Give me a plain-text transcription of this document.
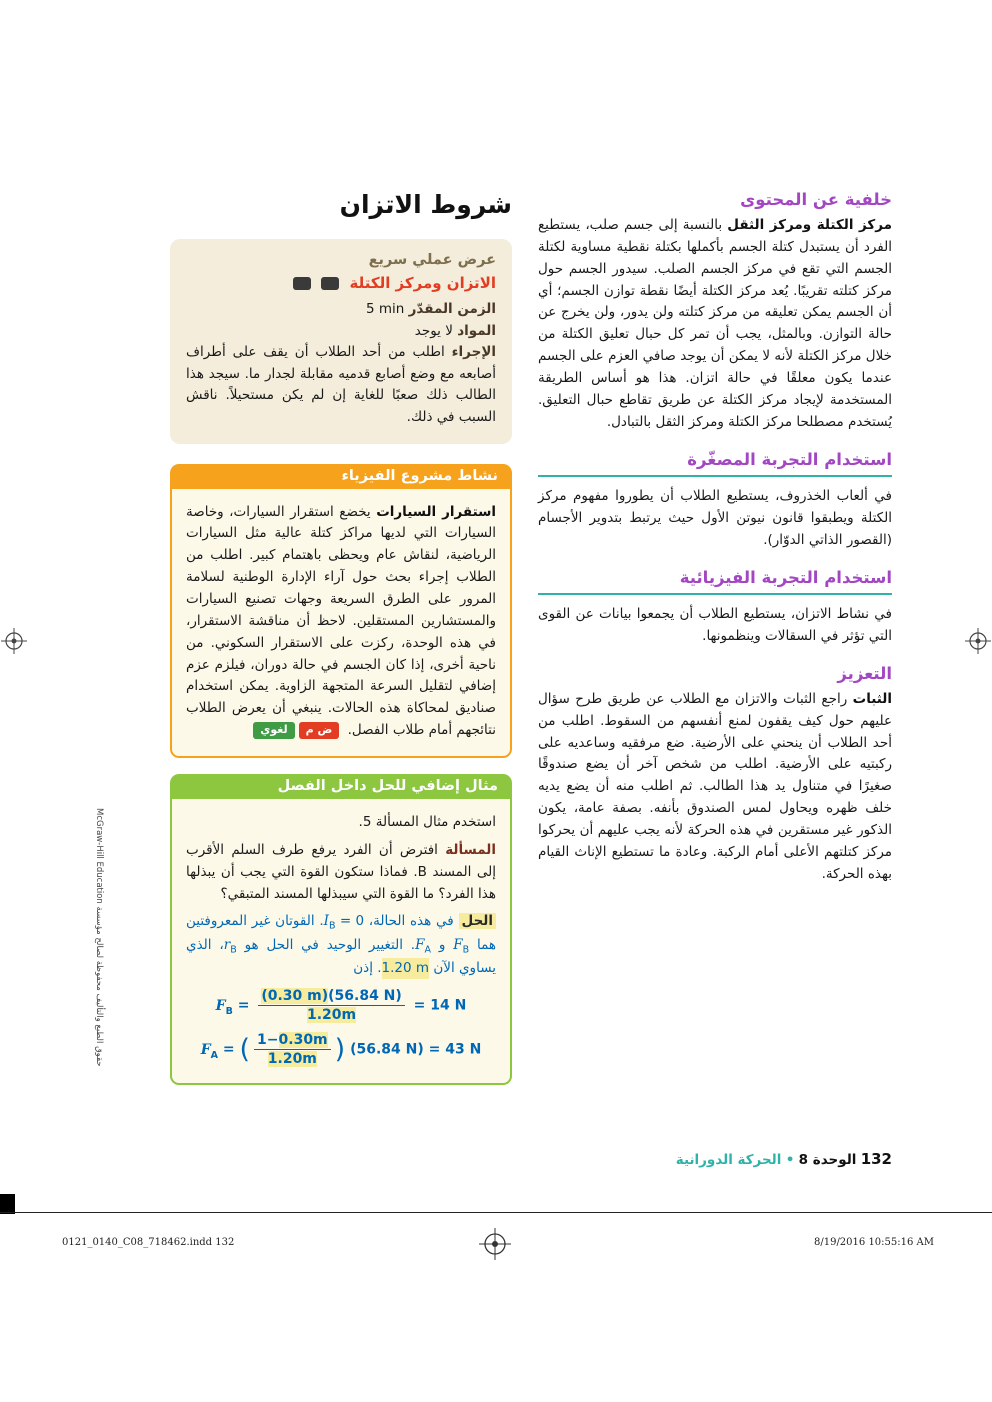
خلفية عن المحتوى

مركز الكتلة ومركز الثقل بالنسبة إلى جسم صلب، يستطيع الفرد أن يستبدل كتلة الجسم بأكملها بكتلة نقطية مساوية لكتلة الجسم التي تقع في مركز الجسم الصلب. سيدور الجسم حول مركز كتلته تقريبًا. يُعد مركز الكتلة أيضًا نقطة توازن الجسم؛ أي أن الجسم يمكن تعليقه من مركز كتلته ولن يدور، ولن يخرج عن حالة التوازن. وبالمثل، يجب أن تمر كل حبال تعليق الكتلة من خلال مركز الكتلة لأنه لا يمكن أن يوجد صافي العزم على الجسم عندما يكون معلقًا في حالة اتزان. هذا هو أساس الطريقة المستخدمة لإيجاد مركز الكتلة عن طريق تقاطع حبال التعليق. يُستخدم مصطلحا مركز الكتلة ومركز الثقل بالتبادل.

استخدام التجربة المصغّرة

في ألعاب الخذروف، يستطيع الطلاب أن يطوروا مفهوم مركز الكتلة ويطبقوا قانون نيوتن الأول حيث يرتبط بتدوير الأجسام (القصور الذاتي الدوّار).

استخدام التجربة الفيزيائية

في نشاط الاتزان، يستطيع الطلاب أن يجمعوا بيانات عن القوى التي تؤثر في السقالات وينظمونها.

التعزيز

الثبات راجع الثبات والاتزان مع الطلاب عن طريق طرح سؤال عليهم حول كيف يقفون لمنع أنفسهم من السقوط. اطلب من أحد الطلاب أن ينحني على الأرضية. ضع مرفقيه وساعديه على ركبتيه على الأرضية. اطلب من شخص آخر أن يضع صندوقًا صغيرًا في متناول يد هذا الطالب. ثم اطلب منه أن يضع يديه خلف ظهره ويحاول لمس الصندوق بأنفه. بصفة عامة، يكون الذكور غير مستقرين في هذه الحركة لأنه يجب عليهم أن يحركوا مركز كتلتهم الأعلى أمام الركبة. وعادة ما تستطيع الإناث القيام بهذه الحركة.

شروط الاتزان
عرض عملي سريع
الاتزان ومركز الكتلة
الزمن المقدّر 5 min
المواد لا يوجد
الإجراء اطلب من أحد الطلاب أن يقف على أطراف أصابعه مع وضع أصابع قدميه مقابلة لجدار ما. سيجد هذا الطالب ذلك صعبًا للغاية إن لم يكن مستحيلاً. ناقش السبب في ذلك.
نشاط مشروع الفيزياء

استقرار السيارات يخضع استقرار السيارات، وخاصة السيارات التي لديها مراكز كتلة عالية مثل السيارات الرياضية، لنقاش عام ويحظى باهتمام كبير. اطلب من الطلاب إجراء بحث حول آراء الإدارة الوطنية لسلامة المرور على الطرق السريعة وجهات تصنيع السيارات والمستشارين المستقلين. لاحظ أن مناقشة الاستقرار، في هذه الوحدة، ركزت على الاستقرار السكوني. من ناحية أخرى، إذا كان الجسم في حالة دوران، فيلزم عزم إضافي لتقليل السرعة المتجهة الزاوية. يمكن استخدام صناديق لمحاكاة هذه الحالات. ينبغي أن يعرض الطلاب نتائجهم أمام طلاب الفصل. ض ملغوي

مثال إضافي للحل داخل الفصل

استخدم مثال المسألة 5.

المسألة افترض أن الفرد يرفع طرف السلم الأقرب إلى المسند B. فماذا ستكون القوة التي يجب أن يبذلها هذا الفرد؟ ما القوة التي سيبذلها المسند المتبقي؟

الحل في هذه الحالة، $I_B = 0$. القوتان غير المعروفتين هما $F_B$ و $F_A$. التغيير الوحيد في الحل هو $r_B،$ الذي يساوي الآن 1.20 m. إذن

$F_B = \frac{(0.30 m)(56.84 N)}{1.20m} = 14$ N
$F_A$ = ( $\frac{1-0.30m}{1.20m}$ ) (56.84 N) = 43 N
132 الوحدة 8 • الحركة الدورانية
0121_0140_C08_718462.indd 132	8/19/2016 10:55:16 AM
حقوق الطبع والتأليف محفوظة لصالح مؤسسة McGraw-Hill Education
